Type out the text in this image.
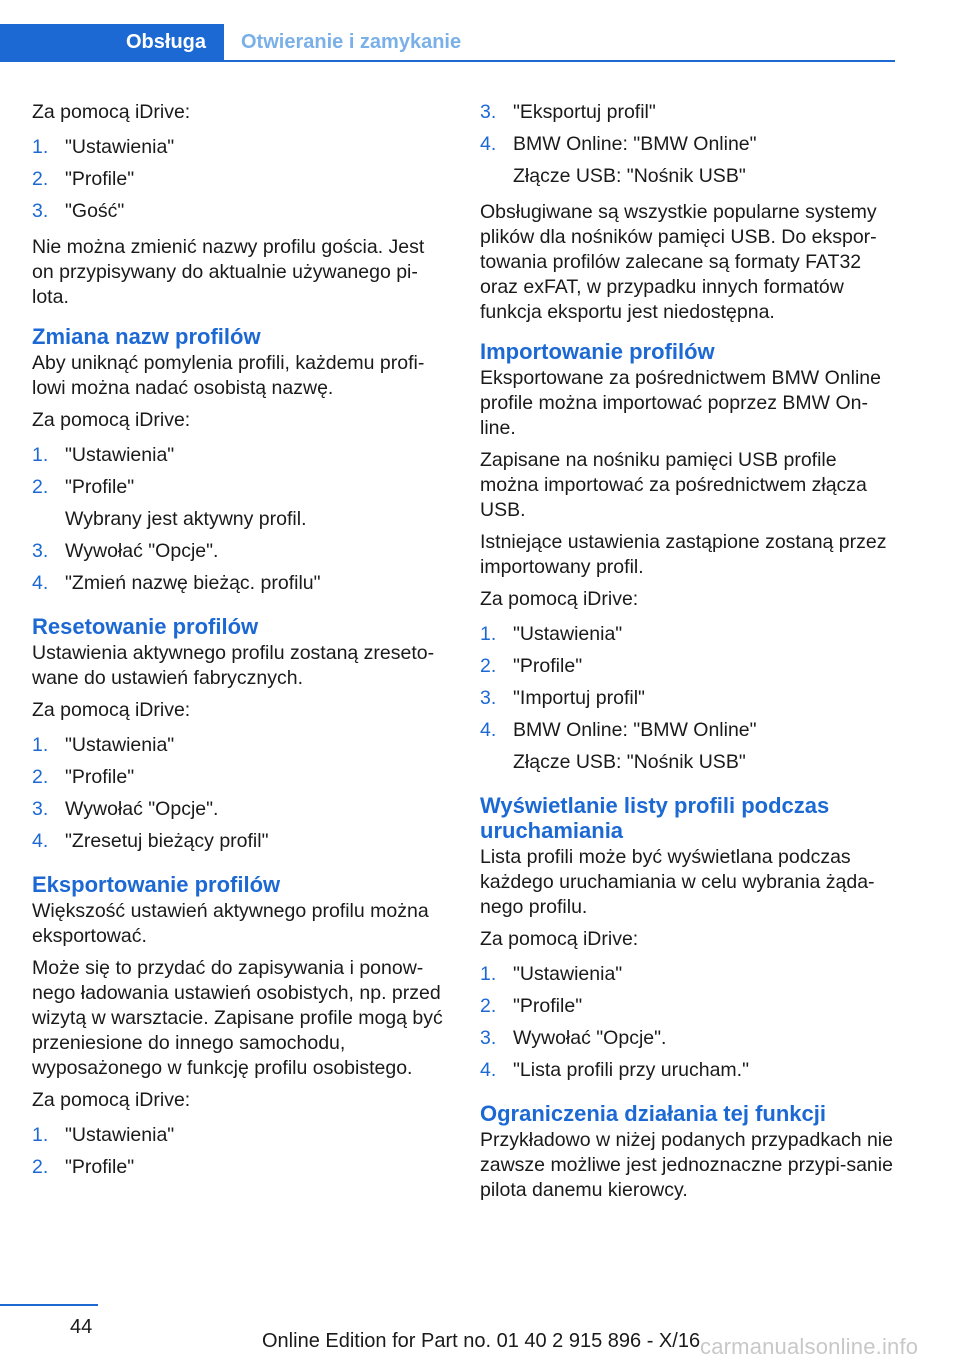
Obsługa	Otwieranie i zamykanie
Za pomocą iDrive:
1. "Ustawienia"
2. "Profile"
3. "Gość"
Nie można zmienić nazwy profilu gościa. Jest on przypisywany do aktualnie używanego pi-lota.
Zmiana nazw profilów
Aby uniknąć pomylenia profili, każdemu profi-lowi można nadać osobistą nazwę.
Za pomocą iDrive:
1. "Ustawienia"
2. "Profile"
Wybrany jest aktywny profil.
3. Wywołać "Opcje".
4. "Zmień nazwę bieżąc. profilu"
Resetowanie profilów
Ustawienia aktywnego profilu zostaną zreseto-wane do ustawień fabrycznych.
Za pomocą iDrive:
1. "Ustawienia"
2. "Profile"
3. Wywołać "Opcje".
4. "Zresetuj bieżący profil"
Eksportowanie profilów
Większość ustawień aktywnego profilu można eksportować.
Może się to przydać do zapisywania i ponow-nego ładowania ustawień osobistych, np. przed wizytą w warsztacie. Zapisane profile mogą być przeniesione do innego samochodu, wyposażonego w funkcję profilu osobistego.
Za pomocą iDrive:
1. "Ustawienia"
2. "Profile"
3. "Eksportuj profil"
4. BMW Online: "BMW Online"
Złącze USB: "Nośnik USB"
Obsługiwane są wszystkie popularne systemy plików dla nośników pamięci USB. Do ekspor-towania profilów zalecane są formaty FAT32 oraz exFAT, w przypadku innych formatów funkcja eksportu jest niedostępna.
Importowanie profilów
Eksportowane za pośrednictwem BMW Online profile można importować poprzez BMW On-line.
Zapisane na nośniku pamięci USB profile można importować za pośrednictwem złącza USB.
Istniejące ustawienia zastąpione zostaną przez importowany profil.
Za pomocą iDrive:
1. "Ustawienia"
2. "Profile"
3. "Importuj profil"
4. BMW Online: "BMW Online"
Złącze USB: "Nośnik USB"
Wyświetlanie listy profili podczas uruchamiania
Lista profili może być wyświetlana podczas każdego uruchamiania w celu wybrania żąda-nego profilu.
Za pomocą iDrive:
1. "Ustawienia"
2. "Profile"
3. Wywołać "Opcje".
4. "Lista profili przy urucham."
Ograniczenia działania tej funkcji
Przykładowo w niżej podanych przypadkach nie zawsze możliwe jest jednoznaczne przypi-sanie pilota danemu kierowcy.
44
Online Edition for Part no. 01 40 2 915 896 - X/16 carmanualsonline.info
